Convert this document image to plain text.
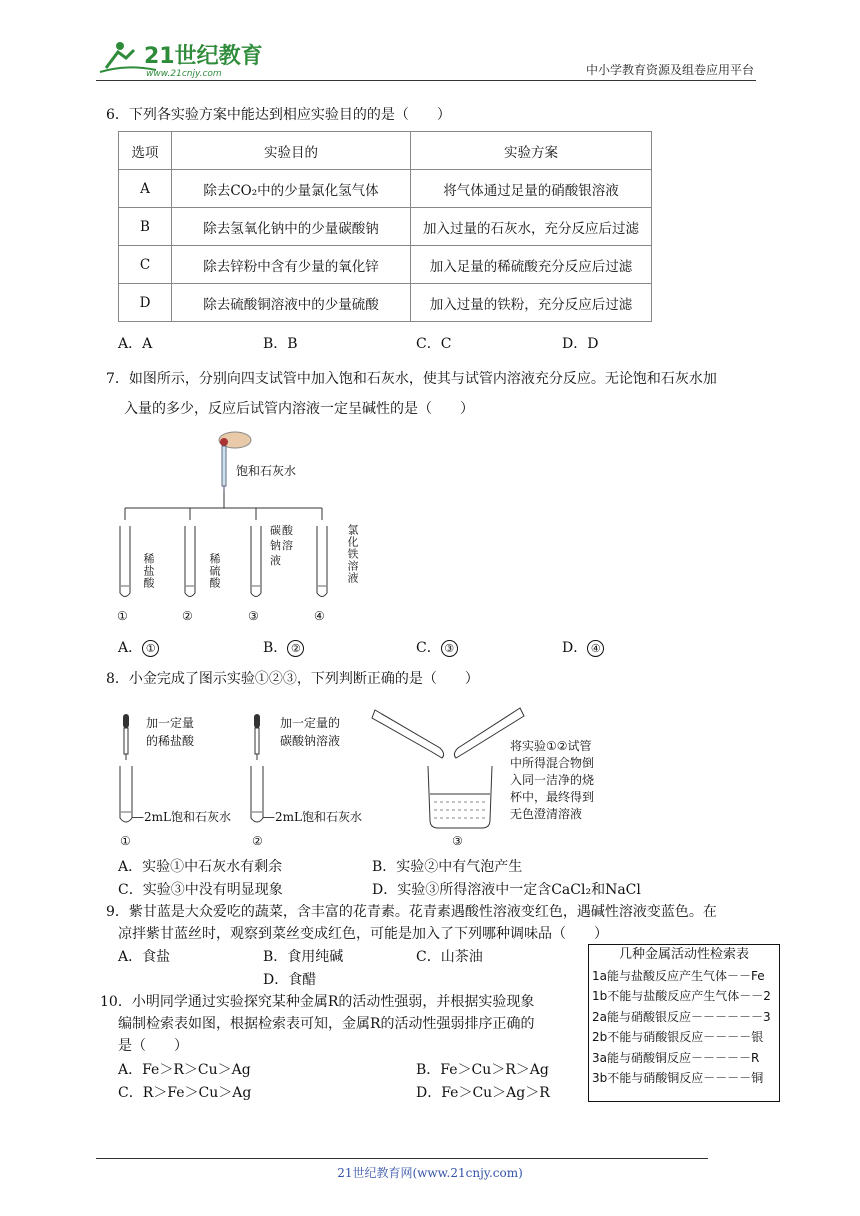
21世纪教育
www.21cnjy.com	中小学教育资源及组卷应用平台
6．下列各实验方案中能达到相应实验目的的是（　　）
选项	实验目的	实验方案
A	除去CO₂中的少量氯化氢气体	将气体通过足量的硝酸银溶液
B	除去氢氧化钠中的少量碳酸钠	加入过量的石灰水，充分反应后过滤
C	除去锌粉中含有少量的氧化锌	加入足量的稀硫酸充分反应后过滤
D	除去硫酸铜溶液中的少量硫酸	加入过量的铁粉，充分反应后过滤
A．A	B．B	C．C	D．D
7．如图所示，分别向四支试管中加入饱和石灰水，使其与试管内溶液充分反应。无论饱和石灰水加
入量的多少，反应后试管内溶液一定呈碱性的是（　　）
饱和石灰水
稀盐酸	稀硫酸
碳酸钠溶液	氯化铁溶液
①	②	③	④
A． ①	B． ②	C． ③	D． ④
8．小金完成了图示实验①②③，下列判断正确的是（　　）
加一定量
的稀盐酸
—2mL饱和石灰水
加一定量的
碳酸钠溶液
—2mL饱和石灰水
将实验①②试管
中所得混合物倒
入同一洁净的烧
杯中，最终得到
无色澄清溶液
①	②	③
A．实验①中石灰水有剩余	B．实验②中有气泡产生
C．实验③中没有明显现象	D．实验③所得溶液中一定含CaCl₂和NaCl
9．紫甘蓝是大众爱吃的蔬菜，含丰富的花青素。花青素遇酸性溶液变红色，遇碱性溶液变蓝色。在
凉拌紫甘蓝丝时，观察到菜丝变成红色，可能是加入了下列哪种调味品（　　）
A．食盐	B．食用纯碱	C．山茶油
D．食醋
10．小明同学通过实验探究某种金属R的活动性强弱，并根据实验现象
编制检索表如图，根据检索表可知，金属R的活动性强弱排序正确的
是（　　）
A．Fe＞R＞Cu＞Ag	B．Fe＞Cu＞R＞Ag
C．R＞Fe＞Cu＞Ag	D．Fe＞Cu＞Ag＞R
几种金属活动性检索表
1a能与盐酸反应产生气体－－Fe
1b不能与盐酸反应产生气体－－2
2a能与硝酸银反应－－－－－－3
2b不能与硝酸银反应－－－－银
3a能与硝酸铜反应－－－－－R
3b不能与硝酸铜反应－－－－铜
21世纪教育网(www.21cnjy.com)
